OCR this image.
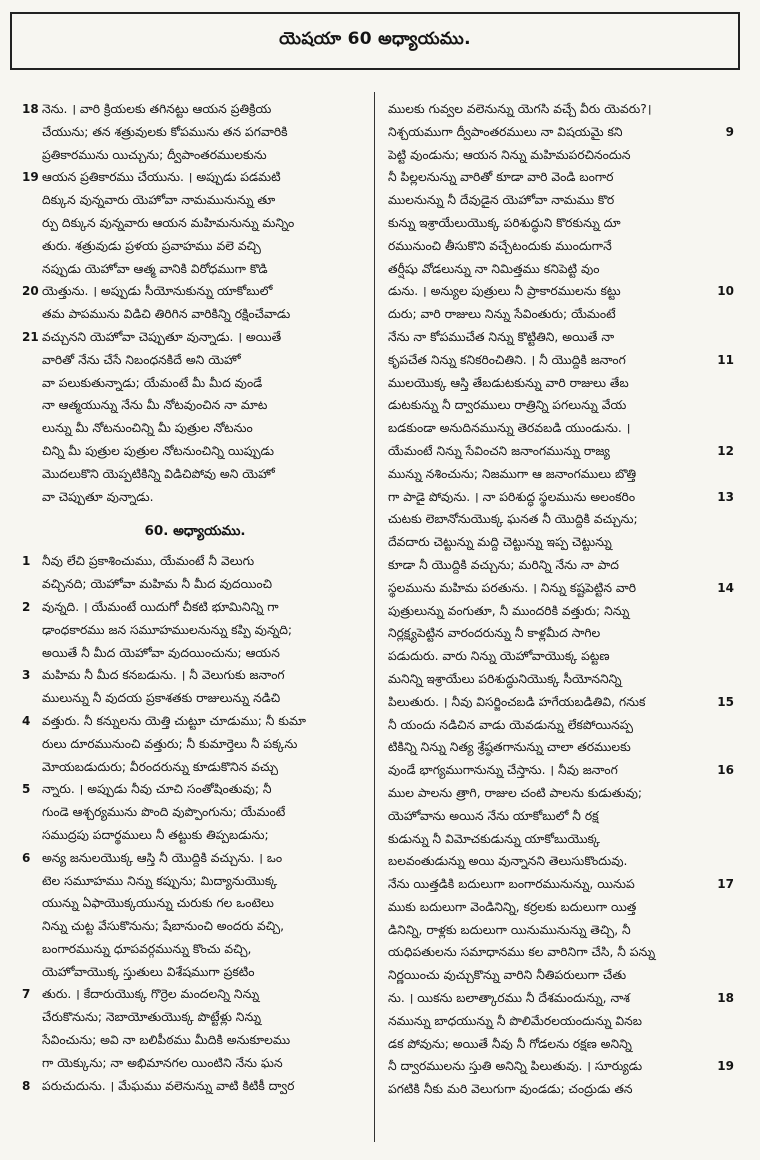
యెషయా 60 అధ్యాయము.
18 నెను. । వారి క్రియలకు తగినట్టు ఆయన ప్రతిక్రియ
చేయును; తన శత్రువులకు కోపమును తన పగవారికి
ప్రతికారమును యిచ్చును; ద్వీపాంతరములకును
19 ఆయన ప్రతికారము చేయును. । అప్పుడు పడమటి
దిక్కున వున్నవారు యెహోవా నామమునున్ను తూ
ర్పు దిక్కున వున్నవారు ఆయన మహిమనున్ను మన్నిం
తురు. శత్రువుడు ప్రళయ ప్రవాహము వలె వచ్చి
నప్పుడు యెహోవా ఆత్మ వానికి విరోధముగా కొడి
20 యెత్తును. । అప్పుడు సీయోనుకున్ను యాకోబులో
తమ పాపమును విడిచి తిరిగిన వారికిన్ని రక్షించేవాడు
21 వచ్చునని యెహోవా చెప్పుతూ వున్నాడు. । అయితే
వారితో నేను చేసే నిబంధనకిదే అని యెహో
వా పలుకుతున్నాడు; యేమంటే మీ మీద వుండే
నా ఆత్మయున్ను నేను మీ నోటవుంచిన నా మాట
లున్ను మీ నోటనుంచిన్ని మీ పుత్రుల నోటనుం
చిన్ని మీ పుత్రుల పుత్రుల నోటనుంచిన్ని యిప్పుడు
మొదలుకొని యెప్పటికిన్ని విడిచిపోవు అని యెహో
వా చెప్పుతూ వున్నాడు.
60. అధ్యాయము.
1 నీవు లేచి ప్రకాశించుము, యేమంటే నీ వెలుగు
వచ్చినది; యెహోవా మహిమ నీ మీద వుదయించి
2 వున్నది. । యేమంటే యిదుగో చీకటి భూమినిన్ని గా
ఢాంధకారము జన సమూహములనున్ను కప్పి వున్నది;
అయితే నీ మీద యెహోవా వుదయించును; ఆయన
3 మహిమ నీ మీద కనబడును. । నీ వెలుగుకు జనాంగ
ములున్ను నీ వుదయ ప్రకాశతకు రాజులున్ను నడిచి
4 వత్తురు. నీ కన్నులను యెత్తి చుట్టూ చూడుము; నీ కుమా
రులు దూరమునుంచి వత్తురు; నీ కుమార్తెలు నీ పక్కను
మోయబడుదురు; వీరందరున్ను కూడుకొనిన వచ్చు
5 న్నారు. । అప్పుడు నీవు చూచి సంతోషింతువు; నీ
గుండె ఆశ్చర్యమును పొంది వుప్పొంగును; యేమంటే
సముద్రపు పదార్థములు నీ తట్టుకు తిప్పబడును;
6 అన్య జనులయొక్క ఆస్తి నీ యొద్దికి వచ్చును. । ఒం
టెల సమూహము నిన్ను కప్పును; మిద్యానుయొక్క
యున్ను ఏఫాయొక్కయున్ను చురుకు గల ఒంటెలు
నిన్ను చుట్ట వేసుకొనును; షేబానుంచి అందరు వచ్చి,
బంగారమున్ను ధూపవర్గమున్ను కొంచు వచ్చి,
యెహోవాయొక్క స్తుతులు విశేషముగా ప్రకటిం
7 తురు. । కేదారుయొక్క గొర్రెల మందలన్ని నిన్ను
చేరుకొనును; నెబాయోతుయొక్క పొట్టేళ్లు నిన్ను
సేవించును; అవి నా బలిపీఠము మీదికి అనుకూలము
గా యెక్కును; నా అభిమానగల యింటిని నేను ఘన
8 పరుచుదును. । మేఘము వలెనున్ను వాటి కిటికీ ద్వార
ములకు గువ్వల వలెనున్ను యెగసి వచ్చే వీరు యెవరు?।
9
నిశ్చయముగా ద్వీపాంతరములు నా విషయమై కని
పెట్టి వుండును; ఆయన నిన్ను మహిమపరచినందున
నీ పిల్లలనున్ను వారితో కూడా వారి వెండి బంగార
ములనున్ను నీ దేవుడైన యెహోవా నామము కొర
కున్ను ఇశ్రాయేలుయొక్క పరిశుద్ధుని కొరకున్ను దూ
రమునుంచి తీసుకొని వచ్చేటందుకు ముందుగానే
తర్షీషు వోడలున్ను నా నిమిత్తము కనిపెట్టి వుం
10
డును. । అన్యుల పుత్రులు నీ ప్రాకారములను కట్టు
దురు; వారి రాజులు నిన్ను సేవింతురు; యేమంటే
నేను నా కోపముచేత నిన్ను కొట్టితిని, అయితే నా
11
కృపచేత నిన్ను కనికరించితిని. । నీ యొద్దికి జనాంగ
ములయొక్క ఆస్తి తేబడుటకున్ను వారి రాజులు తేబ
డుటకున్ను నీ ద్వారములు రాత్రిన్ని పగలున్ను వేయ
బడకుండా అనుదినమున్ను తెరవబడి యుండును. ।
12
యేమంటే నిన్ను సేవించని జనాంగమున్ను రాజ్య
మున్ను నశించును; నిజముగా ఆ జనాంగములు బొత్తి
13
గా పాడై పోవును. । నా పరిశుద్ధ స్థలమును అలంకరిం
చుటకు లెబానోనుయొక్క ఘనత నీ యొద్దికి వచ్చును;
దేవదారు చెట్టున్ను మద్ది చెట్టున్ను ఇప్ప చెట్టున్ను
కూడా నీ యొద్దికి వచ్చును; మరిన్ని నేను నా పాద
14
స్థలమును మహిమ పరతును. । నిన్ను కష్టపెట్టిన వారి
పుత్రులున్ను వంగుతూ, నీ ముందరికి వత్తురు; నిన్ను
నిర్లక్ష్యపెట్టిన వారందరున్ను నీ కాళ్లమీద సాగిల
పడుదురు. వారు నిన్ను యెహోవాయొక్క పట్టణ
మనిన్ని ఇశ్రాయేలు పరిశుద్ధునియొక్క సీయోననిన్ని
15
పిలుతురు. । నీవు విసర్జించబడి హగేయబడితివి, గనుక
నీ యందు నడిచిన వాడు యెవడున్ను లేకపోయినప్ప
టికిన్ని నిన్ను నిత్య శ్రేష్ఠతగానున్ను చాలా తరములకు
16
వుండే భాగ్యముగానున్ను చేస్తాను. । నీవు జనాంగ
ముల పాలను త్రాగి, రాజుల చంటి పాలను కుడుతువు;
యెహోవాను అయిన నేను యాకోబులో నీ రక్ష
కుడున్ను నీ విమోచకుడున్ను యాకోబుయొక్క
బలవంతుడున్ను అయి వున్నానని తెలుసుకొందువు.
17
నేను యిత్తడికి బదులుగా బంగారమునున్ను, యినుప
ముకు బదులుగా వెండినిన్ని, కర్రలకు బదులుగా యిత్త
డినిన్ని, రాళ్లకు బదులుగా యినుమునున్ను తెచ్చి, నీ
యధిపతులను సమాధానము కల వారినిగా చేసి, నీ పన్ను
నిర్ణయించు వుచ్చుకొన్ను వారిని నీతిపరులుగా చేతు
18
ను. । యికను బలాత్కారము నీ దేశమందున్ను, నాశ
నమున్ను బాధయున్ను నీ పొలిమేరలయందున్ను వినబ
డక పోవును; అయితే నీవు నీ గోడలను రక్షణ అనిన్ని
19
నీ ద్వారములను స్తుతి అనిన్ని పిలుతువు. । సూర్యుడు
పగటికి నీకు మరి వెలుగుగా వుండడు; చంద్రుడు తన
